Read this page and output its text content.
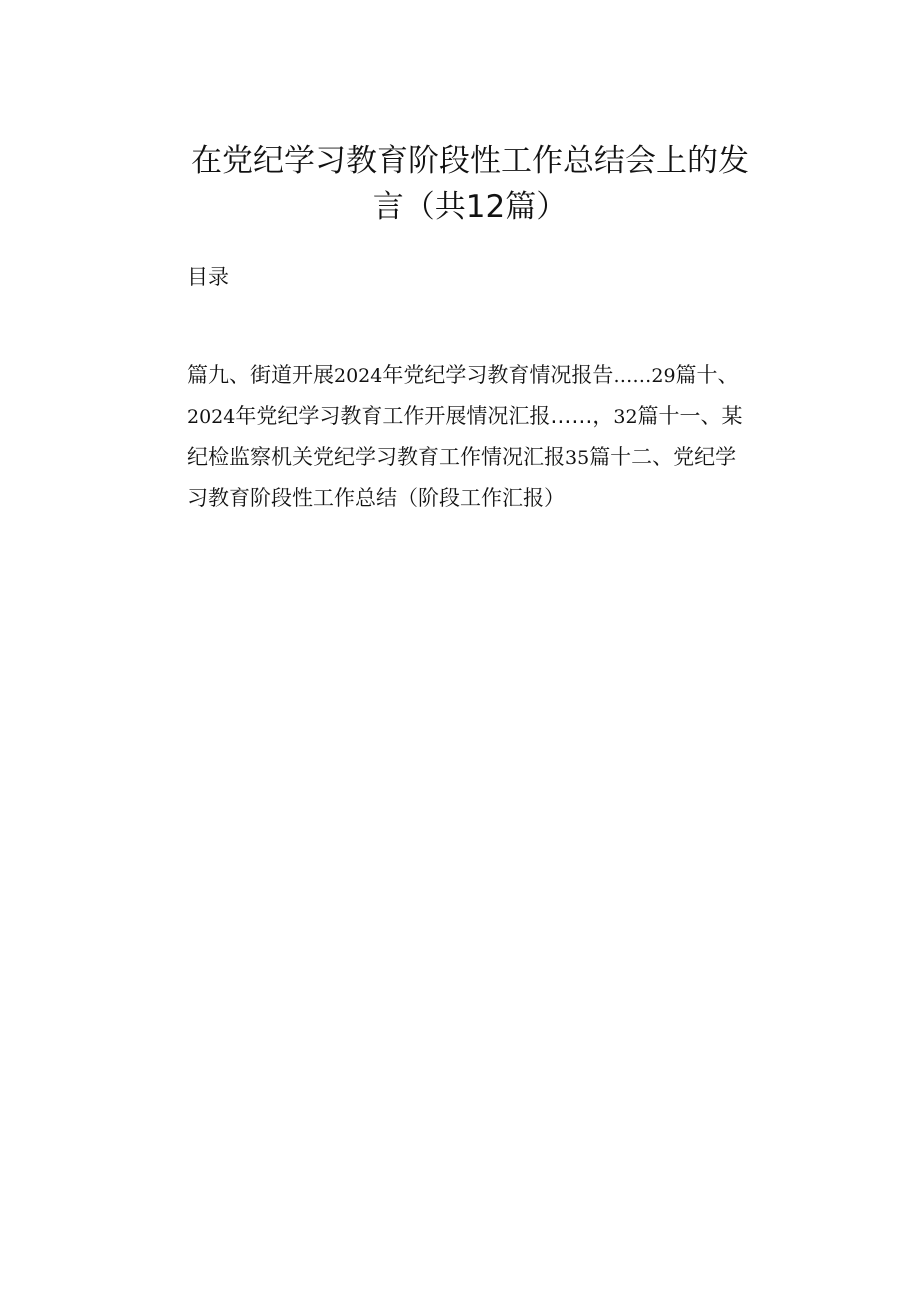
在党纪学习教育阶段性工作总结会上的发
言（共12篇）
目录
篇九、街道开展2024年党纪学习教育情况报告……29篇十、
2024年党纪学习教育工作开展情况汇报……，32篇十一、某
纪检监察机关党纪学习教育工作情况汇报35篇十二、党纪学
习教育阶段性工作总结（阶段工作汇报）
